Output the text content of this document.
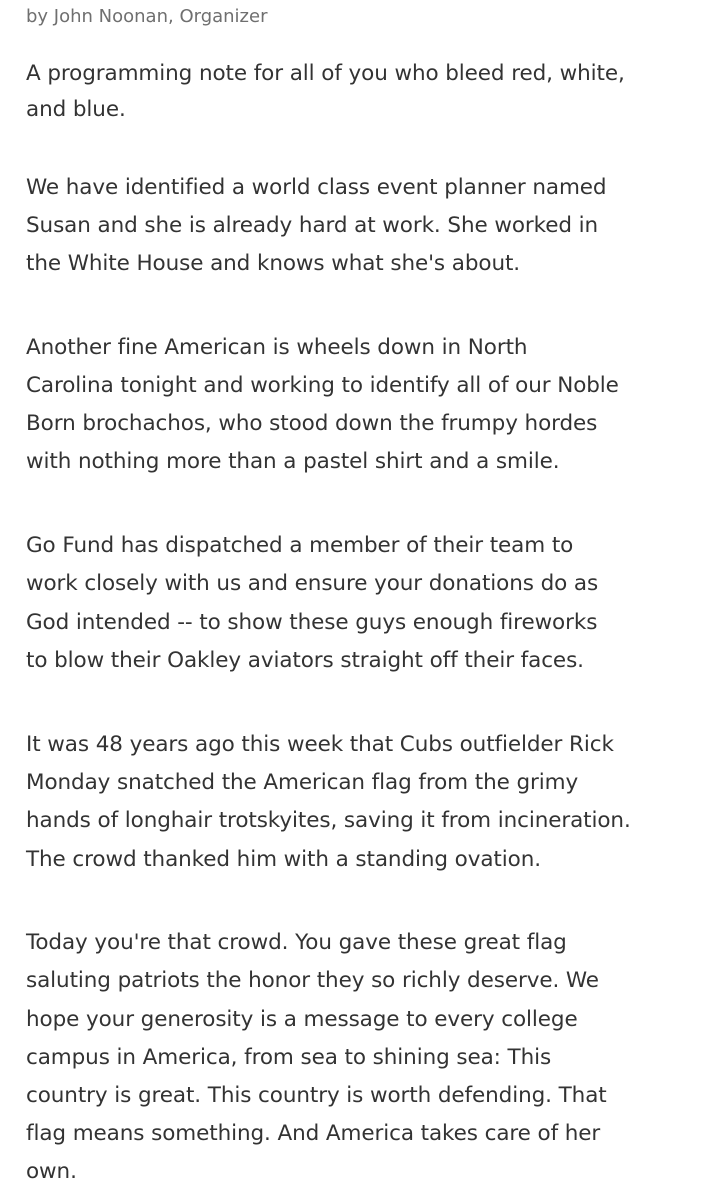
by John Noonan, Organizer
A programming note for all of you who bleed red, white,
and blue.
We have identified a world class event planner named
Susan and she is already hard at work. She worked in
the White House and knows what she's about.
Another fine American is wheels down in North
Carolina tonight and working to identify all of our Noble
Born brochachos, who stood down the frumpy hordes
with nothing more than a pastel shirt and a smile.
Go Fund has dispatched a member of their team to
work closely with us and ensure your donations do as
God intended -- to show these guys enough fireworks
to blow their Oakley aviators straight off their faces.
It was 48 years ago this week that Cubs outfielder Rick
Monday snatched the American flag from the grimy
hands of longhair trotskyites, saving it from incineration.
The crowd thanked him with a standing ovation.
Today you're that crowd. You gave these great flag
saluting patriots the honor they so richly deserve. We
hope your generosity is a message to every college
campus in America, from sea to shining sea: This
country is great. This country is worth defending. That
flag means something. And America takes care of her
own.
